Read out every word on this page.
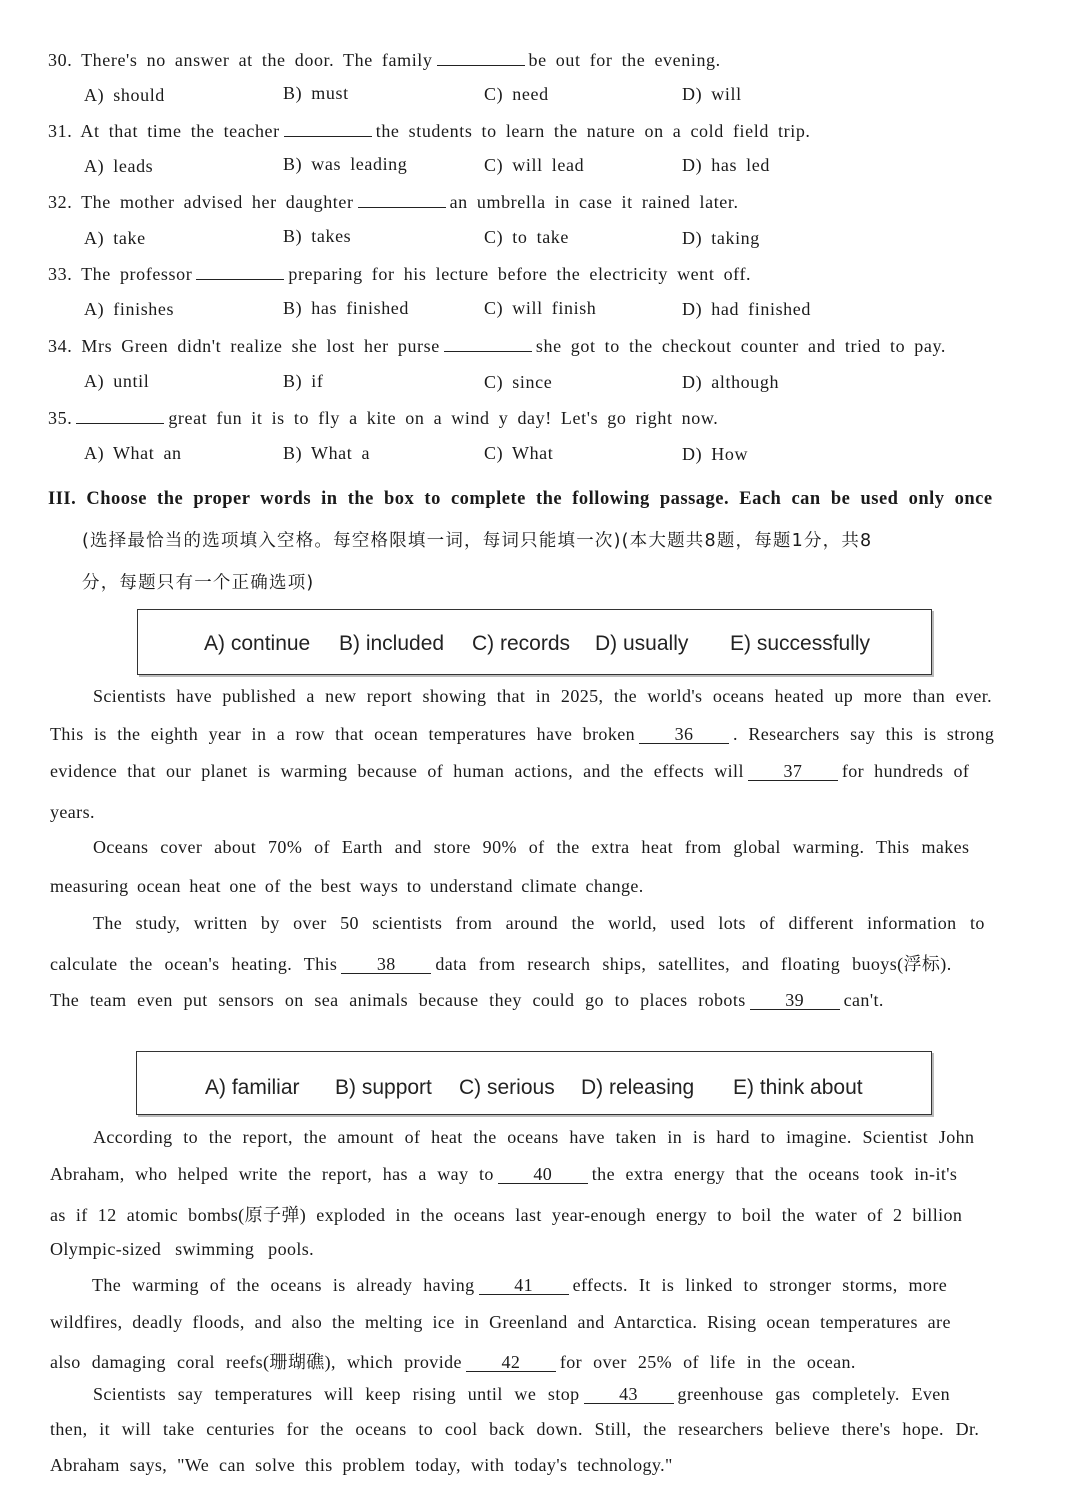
30. There's no answer at the door. The family	be out for the evening.
A) should	B) must	C) need	D) will
31. At that time the teacher	the students to learn the nature on a cold field trip.
A) leads	B) was leading	C) will lead	D) has led
32. The mother advised her daughter	an umbrella in case it rained later.
A) take	B) takes	C) to take	D) taking
33. The professor	preparing for his lecture before the electricity went off.
A) finishes	B) has finished	C) will finish	D) had finished
34. Mrs Green didn't realize she lost her purse	she got to the checkout counter and tried to pay.
A) until	B) if	C) since	D) although
35.	great fun it is to fly a kite on a wind y day! Let's go right now.
A) What an	B) What a	C) What	D) How
III. Choose the proper words in the box to complete the following passage. Each can be used only once
(选择最恰当的选项填入空格。每空格限填一词，每词只能填一次)(本大题共8题，每题1分，共8
分，每题只有一个正确选项)
A) continue B) included C) records D) usually E) successfully
Scientists have published a new report showing that in 2025, the world's oceans heated up more than ever.
This is the eighth year in a row that ocean temperatures have broken 36 . Researchers say this is strong
evidence that our planet is warming because of human actions, and the effects will 37 for hundreds of
years.
Oceans cover about 70% of Earth and store 90% of the extra heat from global warming. This makes
measuring ocean heat one of the best ways to understand climate change.
The study, written by over 50 scientists from around the world, used lots of different information to
calculate the ocean's heating. This 38 data from research ships, satellites, and floating buoys(浮标).
The team even put sensors on sea animals because they could go to places robots 39 can't.
A) familiar B) support C) serious D) releasing E) think about
According to the report, the amount of heat the oceans have taken in is hard to imagine. Scientist John
Abraham, who helped write the report, has a way to 40 the extra energy that the oceans took in-it's
as if 12 atomic bombs(原子弹) exploded in the oceans last year-enough energy to boil the water of 2 billion
Olympic-sized swimming pools.
The warming of the oceans is already having 41 effects. It is linked to stronger storms, more
wildfires, deadly floods, and also the melting ice in Greenland and Antarctica. Rising ocean temperatures are
also damaging coral reefs(珊瑚礁), which provide 42 for over 25% of life in the ocean.
Scientists say temperatures will keep rising until we stop 43 greenhouse gas completely. Even
then, it will take centuries for the oceans to cool back down. Still, the researchers believe there's hope. Dr.
Abraham says, "We can solve this problem today, with today's technology."
